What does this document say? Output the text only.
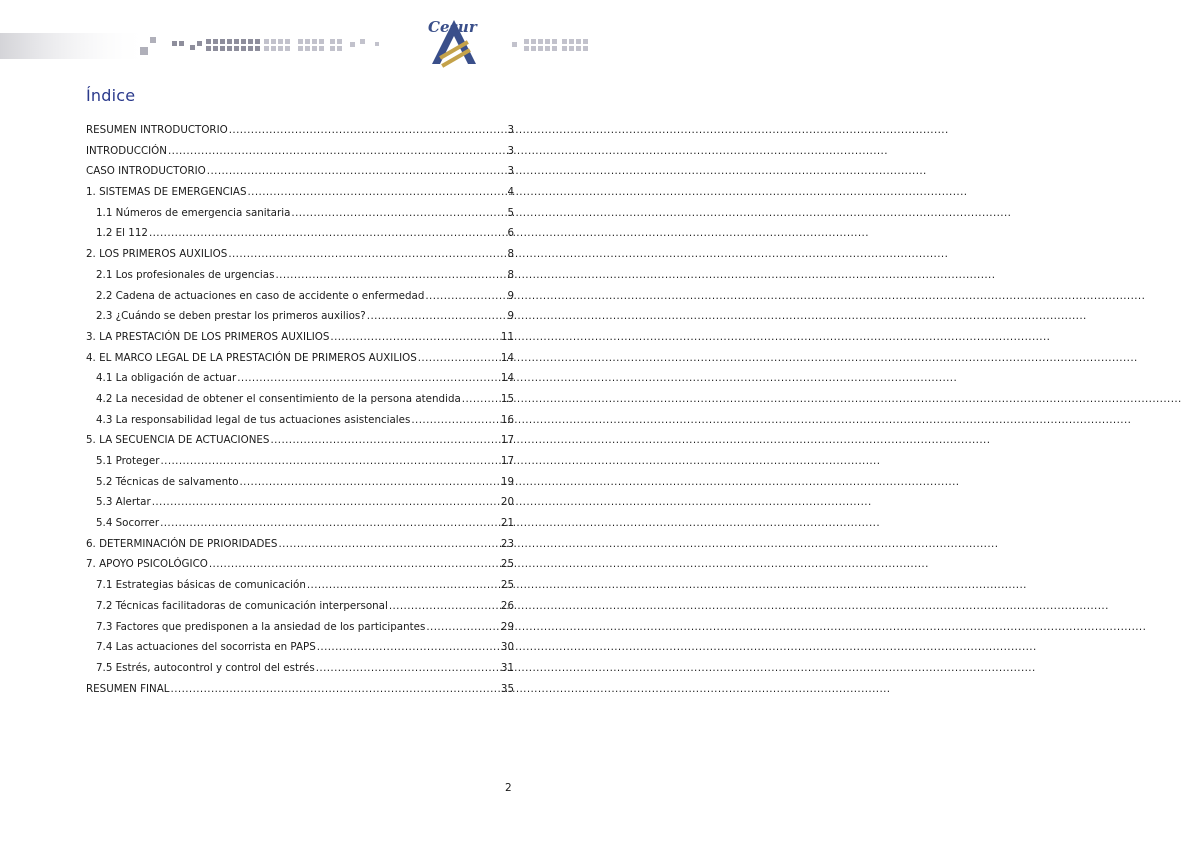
Cesur
Índice
RESUMEN INTRODUCTORIO .....	3
INTRODUCCIÓN .....	3
CASO INTRODUCTORIO .....	3
1. SISTEMAS DE EMERGENCIAS .....	4
1.1 Números de emergencia sanitaria .....	5
1.2 El 112 .....	6
2. LOS PRIMEROS AUXILIOS .....	8
2.1 Los profesionales de urgencias .....	8
2.2 Cadena de actuaciones en caso de accidente o enfermedad .....	9
2.3 ¿Cuándo se deben prestar los primeros auxilios? .....	9
3. LA PRESTACIÓN DE LOS PRIMEROS AUXILIOS .....	11
4. EL MARCO LEGAL DE LA PRESTACIÓN DE PRIMEROS AUXILIOS .....	14
4.1 La obligación de actuar .....	14
4.2 La necesidad de obtener el consentimiento de la persona atendida .....	15
4.3 La responsabilidad legal de tus actuaciones asistenciales .....	16
5. LA SECUENCIA DE ACTUACIONES .....	17
5.1 Proteger .....	17
5.2 Técnicas de salvamento .....	19
5.3 Alertar .....	20
5.4 Socorrer .....	21
6. DETERMINACIÓN DE PRIORIDADES .....	23
7. APOYO PSICOLÓGICO .....	25
7.1 Estrategias básicas de comunicación .....	25
7.2 Técnicas facilitadoras de comunicación interpersonal .....	26
7.3 Factores que predisponen a la ansiedad de los participantes .....	29
7.4 Las actuaciones del socorrista en PAPS .....	30
7.5 Estrés, autocontrol y control del estrés .....	31
RESUMEN FINAL .....	35
2
